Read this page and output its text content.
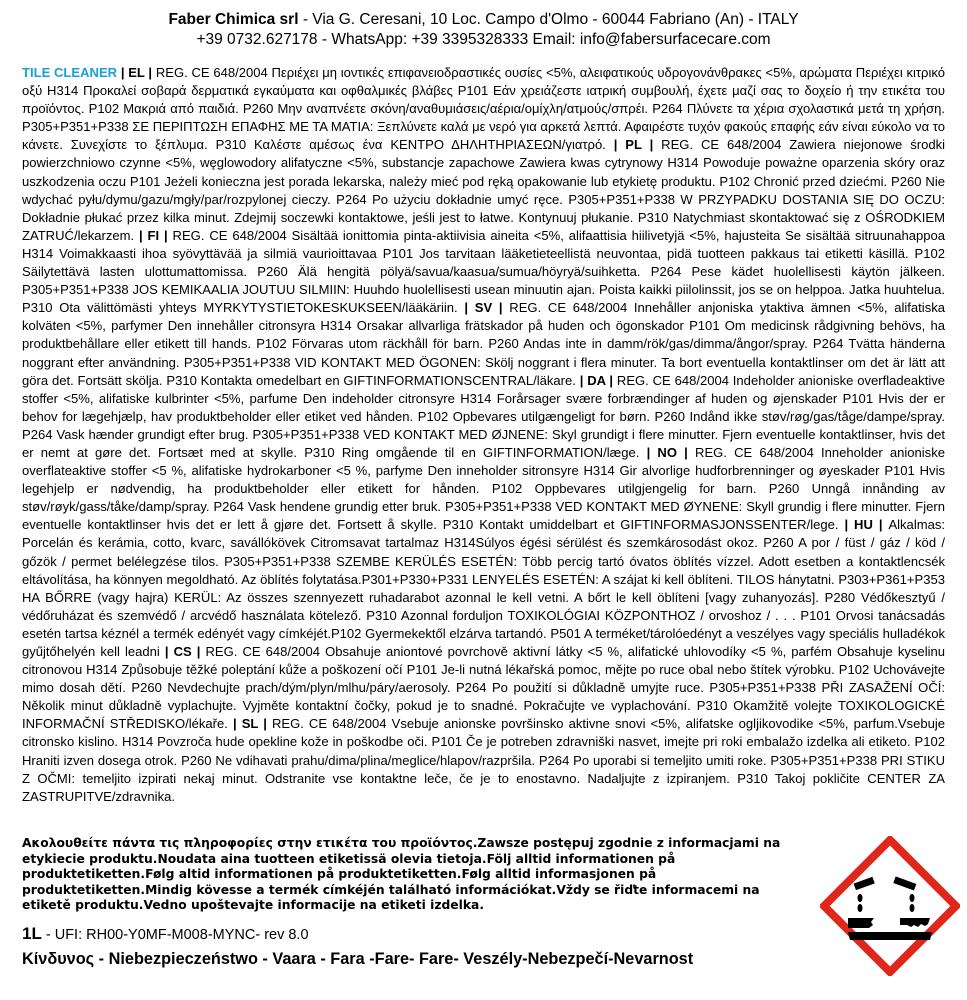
Faber Chimica srl - Via G. Ceresani, 10 Loc. Campo d'Olmo - 60044 Fabriano (An) - ITALY
+39 0732.627178 - WhatsApp: +39 3395328333 Email: info@fabersurfacecare.com
TILE CLEANER | EL | REG. CE 648/2004 Περιέχει μη ιοντικές επιφανειοδραστικές ουσίες <5%, αλειφατικούς υδρογονάνθρακες <5%, αρώματα Περιέχει κιτρικό οξύ H314 Προκαλεί σοβαρά δερματικά εγκαύματα και οφθαλμικές βλάβες P101 Εάν χρειάζεστε ιατρική συμβουλή, έχετε μαζί σας το δοχείο ή την ετικέτα του προϊόντος. P102 Μακριά από παιδιά. P260 Μην αναπνέετε σκόνη/αναθυμιάσεις/αέρια/ομίχλη/ατμούς/σπρέι. P264 Πλύνετε τα χέρια σχολαστικά μετά τη χρήση. P305+P351+P338 ΣΕ ΠΕΡΙΠΤΩΣΗ ΕΠΑΦΗΣ ΜΕ ΤΑ ΜΑΤΙΑ: Ξεπλύνετε καλά με νερό για αρκετά λεπτά. Αφαιρέστε τυχόν φακούς επαφής εάν είναι εύκολο να το κάνετε. Συνεχίστε το ξέπλυμα. P310 Καλέστε αμέσως ένα ΚΕΝΤΡΟ ΔΗΛΗΤΗΡΙΑΣΕΩΝ/γιατρό. | PL | REG. CE 648/2004 Zawiera niejonowe środki powierzchniowo czynne <5%, węglowodory alifatyczne <5%, substancje zapachowe Zawiera kwas cytrynowy H314 Powoduje poważne oparzenia skóry oraz uszkodzenia oczu P101 Jeżeli konieczna jest porada lekarska, należy mieć pod ręką opakowanie lub etykietę produktu. P102 Chronić przed dziećmi. P260 Nie wdychać pyłu/dymu/gazu/mgły/par/rozpylonej cieczy. P264 Po użyciu dokładnie umyć ręce. P305+P351+P338 W PRZYPADKU DOSTANIA SIĘ DO OCZU: Dokładnie płukać przez kilka minut. Zdejmij soczewki kontaktowe, jeśli jest to łatwe. Kontynuuj płukanie. P310 Natychmiast skontaktować się z OŚRODKIEM ZATRUĆ/lekarzem. | FI | REG. CE 648/2004 Sisältää ionittomia pinta-aktiivisia aineita <5%, alifaattisia hiilivetyjä <5%, hajusteita Se sisältää sitruunahappoa H314 Voimakkaasti ihoa syövyttävää ja silmiä vaurioittavaa P101 Jos tarvitaan lääketieteellistä neuvontaa, pidä tuotteen pakkaus tai etiketti käsillä. P102 Säilytettävä lasten ulottumattomissa. P260 Älä hengitä pölyä/savua/kaasua/sumua/höyryä/suihketta. P264 Pese kädet huolellisesti käytön jälkeen. P305+P351+P338 JOS KEMIKAALIA JOUTUU SILMIIN: Huuhdo huolellisesti usean minuutin ajan. Poista kaikki piilolinssit, jos se on helppoa. Jatka huuhtelua. P310 Ota välittömästi yhteys MYRKYTYSTIETOKESKUKSEEN/lääkäriin. | SV | REG. CE 648/2004 Innehåller anjoniska ytaktiva ämnen <5%, alifatiska kolväten <5%, parfymer Den innehåller citronsyra H314 Orsakar allvarliga frätskador på huden och ögonskador P101 Om medicinsk rådgivning behövs, ha produktbehållare eller etikett till hands. P102 Förvaras utom räckhåll för barn. P260 Andas inte in damm/rök/gas/dimma/ångor/spray. P264 Tvätta händerna noggrant efter användning. P305+P351+P338 VID KONTAKT MED ÖGONEN: Skölj noggrant i flera minuter. Ta bort eventuella kontaktlinser om det är lätt att göra det. Fortsätt skölja. P310 Kontakta omedelbart en GIFTINFORMATIONSCENTRAL/läkare. | DA | REG. CE 648/2004 Indeholder anioniske overfladeaktive stoffer <5%, alifatiske kulbrinter <5%, parfume Den indeholder citronsyre H314 Forårsager svære forbrændinger af huden og øjenskader P101 Hvis der er behov for lægehjælp, hav produktbeholder eller etiket ved hånden. P102 Opbevares utilgængeligt for børn. P260 Indånd ikke støv/røg/gas/tåge/dampe/spray. P264 Vask hænder grundigt efter brug. P305+P351+P338 VED KONTAKT MED ØJNENE: Skyl grundigt i flere minutter. Fjern eventuelle kontaktlinser, hvis det er nemt at gøre det. Fortsæt med at skylle. P310 Ring omgående til en GIFTINFORMATION/læge. | NO | REG. CE 648/2004 Inneholder anioniske overflateaktive stoffer <5 %, alifatiske hydrokarboner <5 %, parfyme Den inneholder sitronsyre H314 Gir alvorlige hudforbrenninger og øyeskader P101 Hvis legehjelp er nødvendig, ha produktbeholder eller etikett for hånden. P102 Oppbevares utilgjengelig for barn. P260 Unngå innånding av støv/røyk/gass/tåke/damp/spray. P264 Vask hendene grundig etter bruk. P305+P351+P338 VED KONTAKT MED ØYNENE: Skyll grundig i flere minutter. Fjern eventuelle kontaktlinser hvis det er lett å gjøre det. Fortsett å skylle. P310 Kontakt umiddelbart et GIFTINFORMASJONSSENTER/lege. | HU | Alkalmas: Porcelán és kerámia, cotto, kvarc, savállókövek Citromsavat tartalmaz H314Súlyos égési sérülést és szemkárosodást okoz. P260 A por / füst / gáz / köd / gőzök / permet belélegzése tilos. P305+P351+P338 SZEMBE KERÜLÉS ESETÉN: Több percig tartó óvatos öblítés vízzel. Adott esetben a kontaktlencsék eltávolítása, ha könnyen megoldható. Az öblítés folytatása.P301+P330+P331 LENYELÉS ESETÉN: A szájat ki kell öblíteni. TILOS hánytatni. P303+P361+P353 HA BŐRRE (vagy hajra) KERÜL: Az összes szennyezett ruhadarabot azonnal le kell vetni. A bőrt le kell öblíteni [vagy zuhanyozás]. P280 Védőkesztyű / védőruházat és szemvédő / arcvédő használata kötelező. P310 Azonnal forduljon TOXIKOLÓGIAI KÖZPONTHOZ / orvoshoz / . . . P101 Orvosi tanácsadás esetén tartsa kéznél a termék edényét vagy címkéjét.P102 Gyermekektől elzárva tartandó. P501 A terméket/tárolóedényt a veszélyes vagy speciális hulladékok gyűjtőhelyén kell leadni | CS | REG. CE 648/2004 Obsahuje aniontové povrchově aktivní látky <5 %, alifatické uhlovodíky <5 %, parfém Obsahuje kyselinu citronovou H314 Způsobuje těžké poleptání kůže a poškození očí P101 Je-li nutná lékařská pomoc, mějte po ruce obal nebo štítek výrobku. P102 Uchovávejte mimo dosah dětí. P260 Nevdechujte prach/dým/plyn/mlhu/páry/aerosoly. P264 Po použití si důkladně umyjte ruce. P305+P351+P338 PŘI ZASAŽENÍ OČÍ: Několik minut důkladně vyplachujte. Vyjměte kontaktní čočky, pokud je to snadné. Pokračujte ve vyplachování. P310 Okamžitě volejte TOXIKOLOGICKÉ INFORMAČNÍ STŘEDISKO/lékaře. | SL | REG. CE 648/2004 Vsebuje anionske površinsko aktivne snovi <5%, alifatske ogljikovodike <5%, parfum.Vsebuje citronsko kislino. H314 Povzroča hude opekline kože in poškodbe oči. P101 Če je potreben zdravniški nasvet, imejte pri roki embalažo izdelka ali etiketo. P102 Hraniti izven dosega otrok. P260 Ne vdihavati prahu/dima/plina/meglice/hlapov/razpršila. P264 Po uporabi si temeljito umiti roke. P305+P351+P338 PRI STIKU Z OČMI: temeljito izpirati nekaj minut. Odstranite vse kontaktne leče, če je to enostavno. Nadaljujte z izpiranjem. P310 Takoj pokličite CENTER ZA ZASTRUPITVE/zdravnika.
Ακολουθείτε πάντα τις πληροφορίες στην ετικέτα του προϊόντος.Zawsze postępuj zgodnie z informacjami na etykiecie produktu.Noudata aina tuotteen etiketissä olevia tietoja.Följ alltid informationen på produktetiketten.Følg altid informationen på produktetiketten.Følg alltid informasjonen på produktetiketten.Mindig kövesse a termék címkéjén található információkat.Vždy se řiďte informacemi na etiketě produktu.Vedno upoštevajte informacije na etiketi izdelka.
1L - UFI: RH00-Y0MF-M008-MYNC- rev 8.0
Κίνδυνος - Niebezpieczeństwo - Vaara - Fara -Fare- Fare- Veszély-Nebezpečí-Nevarnost
